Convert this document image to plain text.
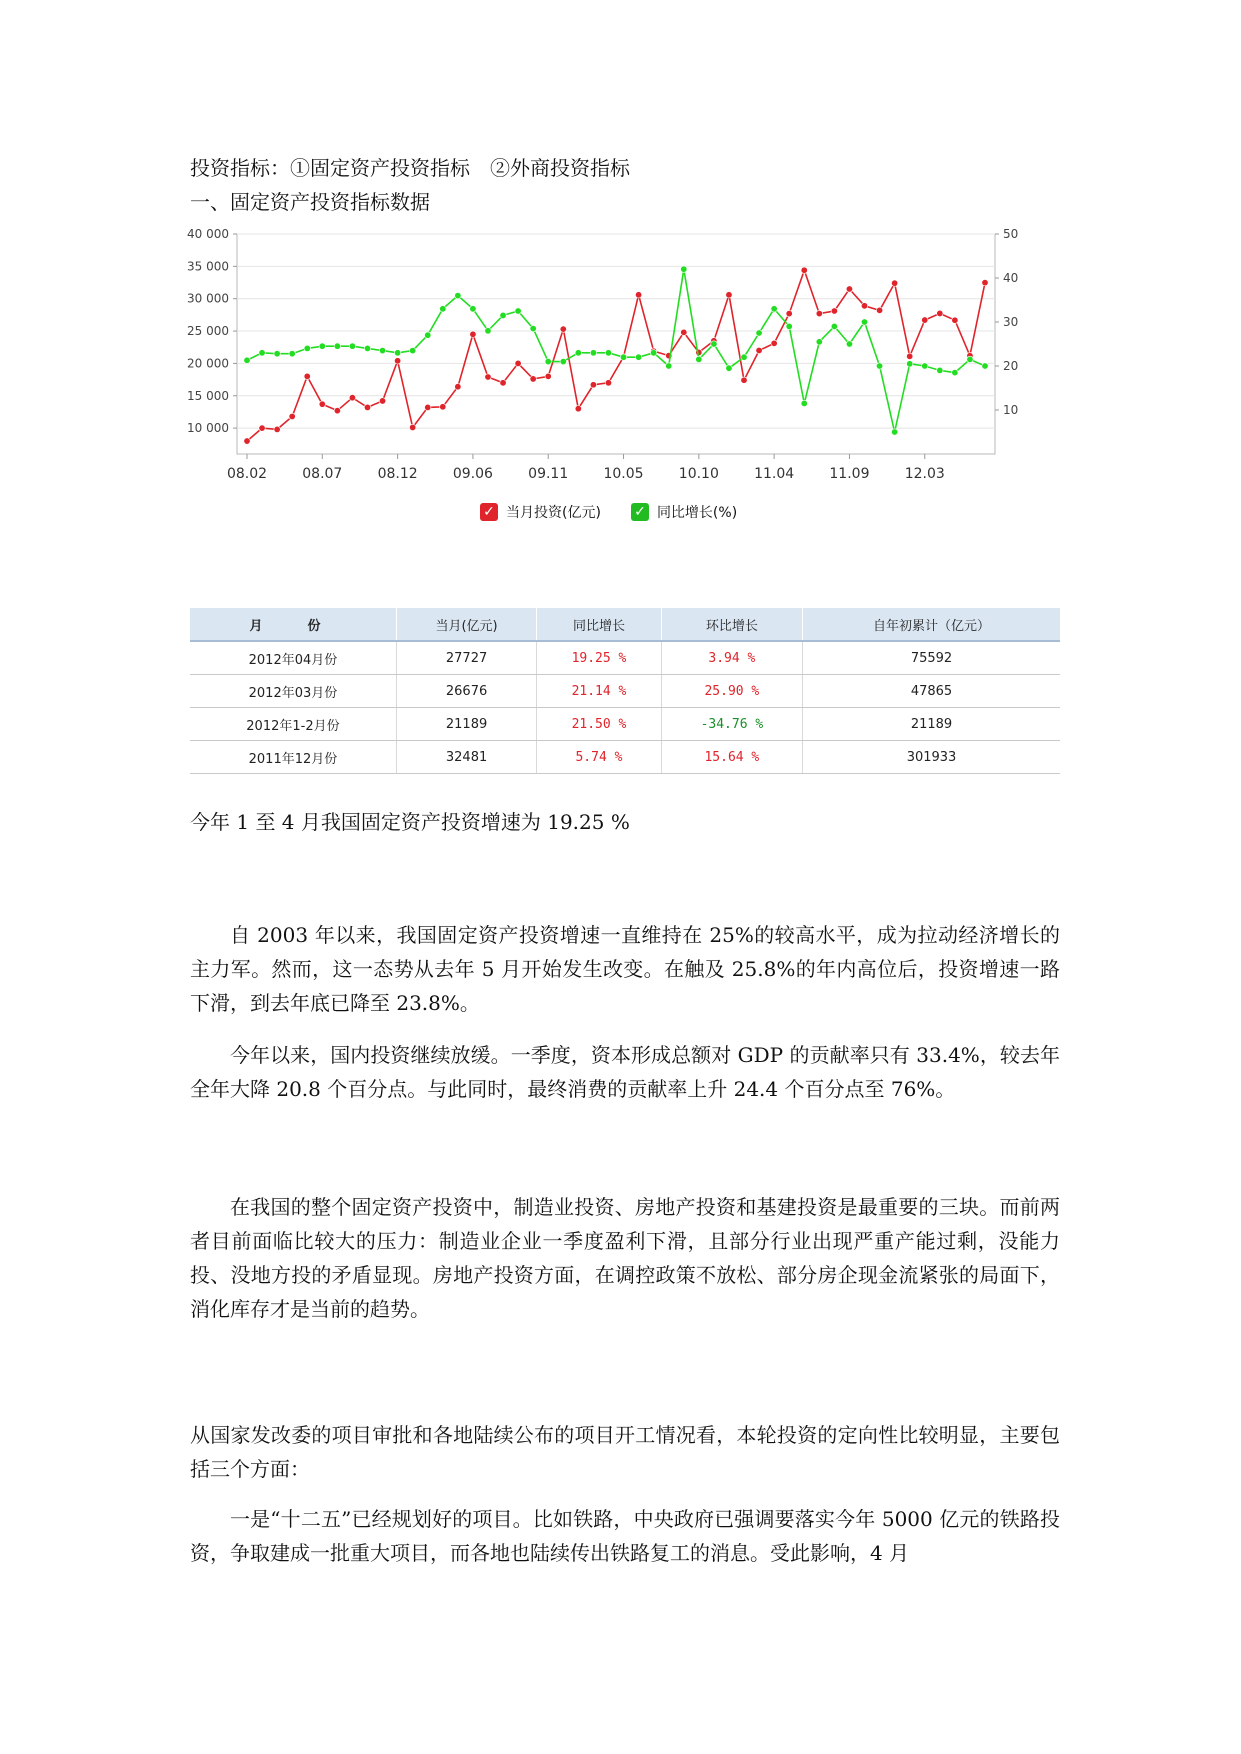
投资指标：①固定资产投资指标　②外商投资指标
一、固定资产投资指标数据
40 000
35 000
30 000
25 000
20 000
15 000
10 000
50
40
30
20
10
08.02	08.07	08.12	09.06	09.11	10.05	10.10	11.04	11.09	12.03
✓ 当月投资(亿元) ✓ 同比增长(%)
月　份	当月(亿元)	同比增长	环比增长	自年初累计（亿元）
2012年04月份	27727	19.25 %	3.94 %	75592
2012年03月份	26676	21.14 %	25.90 %	47865
2012年1-2月份	21189	21.50 %	-34.76 %	21189
2011年12月份	32481	5.74 %	15.64 %	301933
今年 1 至 4 月我国固定资产投资增速为 19.25 %

自 2003 年以来，我国固定资产投资增速一直维持在 25%的较高水平，成为拉动经济增长的主力军。然而，这一态势从去年 5 月开始发生改变。在触及 25.8%的年内高位后，投资增速一路下滑，到去年底已降至 23.8%。

今年以来，国内投资继续放缓。一季度，资本形成总额对 GDP 的贡献率只有 33.4%，较去年全年大降 20.8 个百分点。与此同时，最终消费的贡献率上升 24.4 个百分点至 76%。

在我国的整个固定资产投资中，制造业投资、房地产投资和基建投资是最重要的三块。而前两者目前面临比较大的压力：制造业企业一季度盈利下滑，且部分行业出现严重产能过剩，没能力投、没地方投的矛盾显现。房地产投资方面，在调控政策不放松、部分房企现金流紧张的局面下，消化库存才是当前的趋势。

从国家发改委的项目审批和各地陆续公布的项目开工情况看，本轮投资的定向性比较明显，主要包括三个方面：

一是“十二五”已经规划好的项目。比如铁路，中央政府已强调要落实今年 5000 亿元的铁路投资，争取建成一批重大项目，而各地也陆续传出铁路复工的消息。受此影响，4 月
